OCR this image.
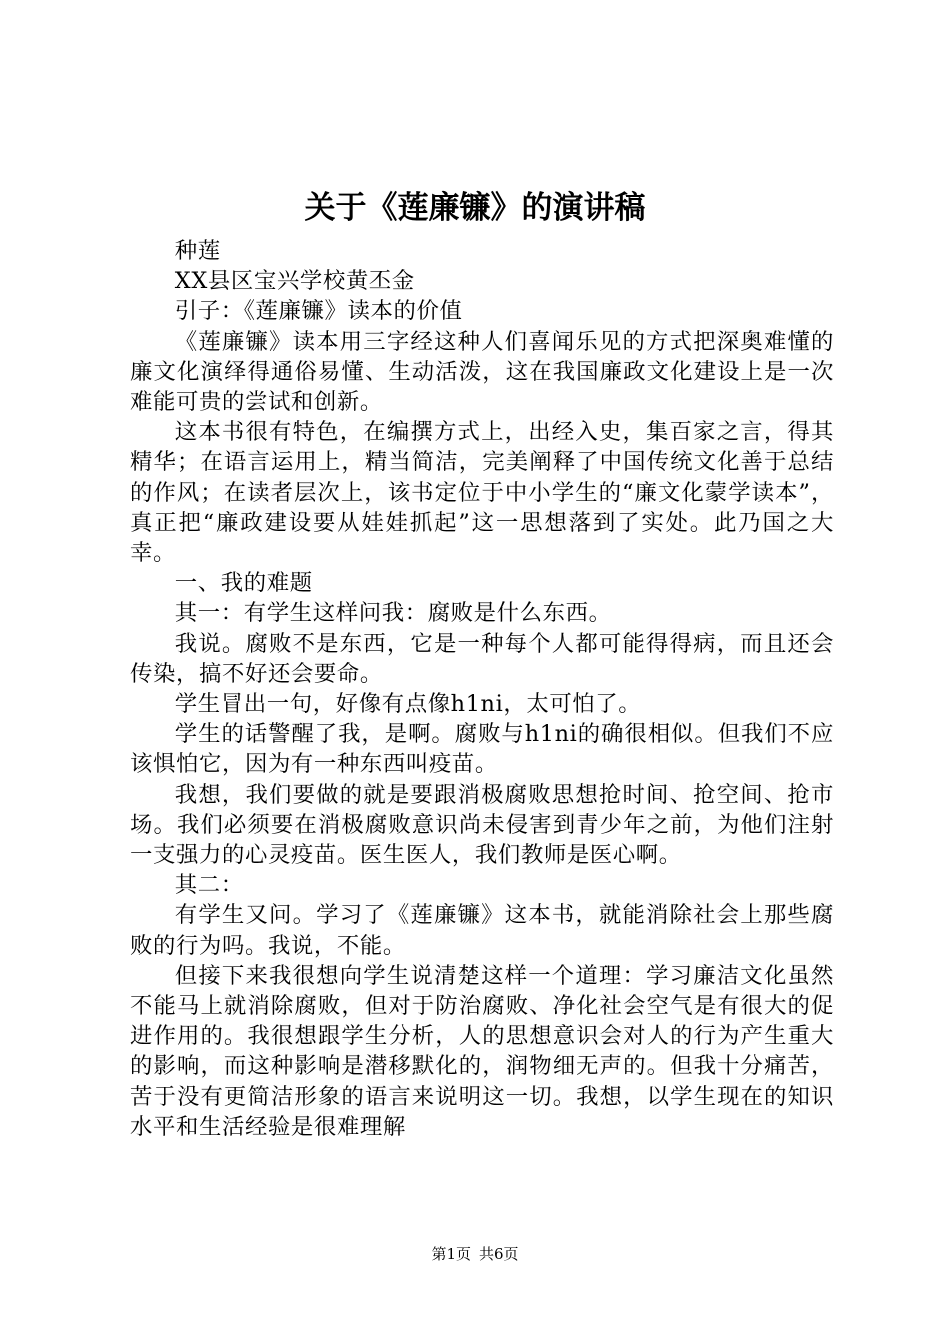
关于《莲廉镰》的演讲稿

种莲

XX县区宝兴学校黄丕金

引子：《莲廉镰》读本的价值

《莲廉镰》读本用三字经这种人们喜闻乐见的方式把深奥难懂的廉文化演绎得通俗易懂、生动活泼，这在我国廉政文化建设上是一次难能可贵的尝试和创新。

这本书很有特色，在编撰方式上，出经入史，集百家之言，得其精华；在语言运用上，精当简洁，完美阐释了中国传统文化善于总结的作风；在读者层次上，该书定位于中小学生的“廉文化蒙学读本”，真正把“廉政建设要从娃娃抓起”这一思想落到了实处。此乃国之大幸。

一、我的难题

其一：有学生这样问我：腐败是什么东西。

我说。腐败不是东西，它是一种每个人都可能得得病，而且还会传染，搞不好还会要命。

学生冒出一句，好像有点像h1ni，太可怕了。

学生的话警醒了我，是啊。腐败与h1ni的确很相似。但我们不应该惧怕它，因为有一种东西叫疫苗。

我想，我们要做的就是要跟消极腐败思想抢时间、抢空间、抢市场。我们必须要在消极腐败意识尚未侵害到青少年之前，为他们注射一支强力的心灵疫苗。医生医人，我们教师是医心啊。

其二：

有学生又问。学习了《莲廉镰》这本书，就能消除社会上那些腐败的行为吗。我说，不能。

但接下来我很想向学生说清楚这样一个道理：学习廉洁文化虽然不能马上就消除腐败，但对于防治腐败、净化社会空气是有很大的促进作用的。我很想跟学生分析，人的思想意识会对人的行为产生重大的影响，而这种影响是潜移默化的，润物细无声的。但我十分痛苦，苦于没有更简洁形象的语言来说明这一切。我想，以学生现在的知识水平和生活经验是很难理解

第1页 共6页
